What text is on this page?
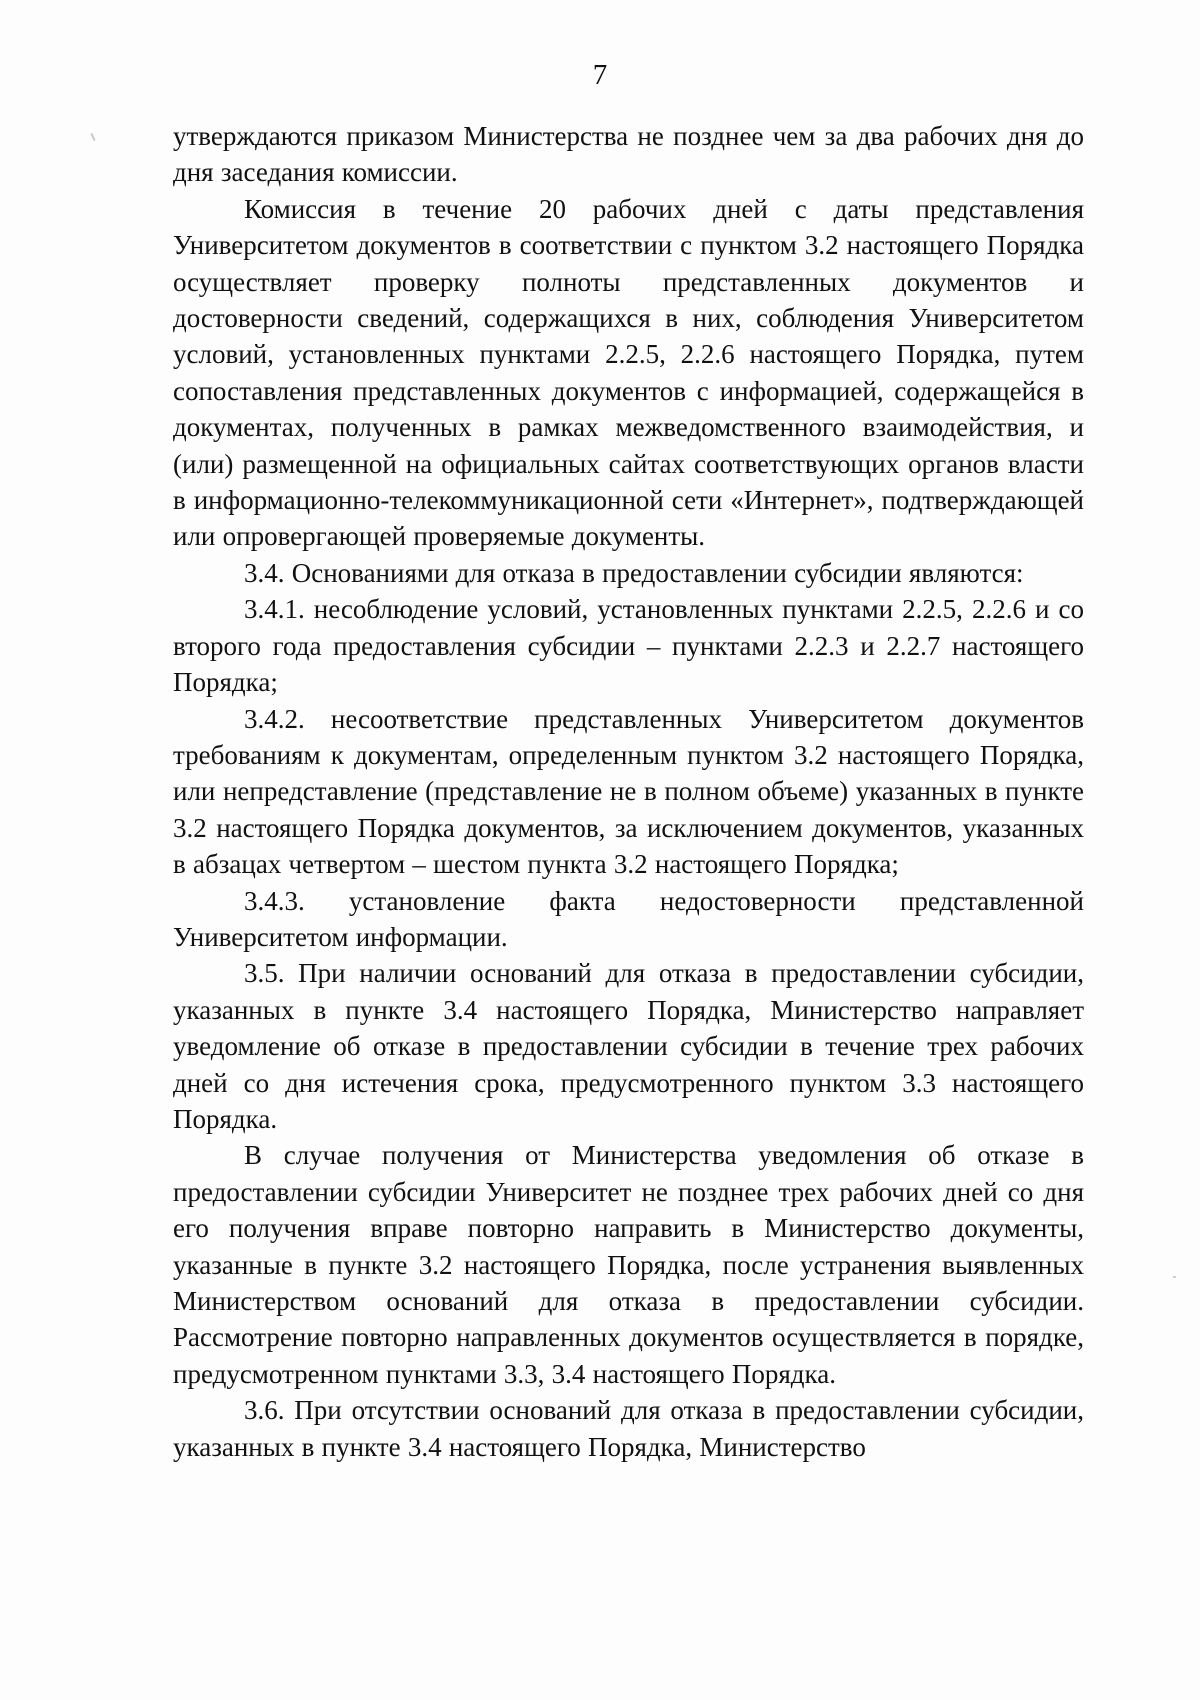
7

утверждаются приказом Министерства не позднее чем за два рабочих дня до дня заседания комиссии.

Комиссия в течение 20 рабочих дней с даты представления Университетом документов в соответствии с пунктом 3.2 настоящего Порядка осуществляет проверку полноты представленных документов и достоверности сведений, содержащихся в них, соблюдения Университетом условий, установленных пунктами 2.2.5, 2.2.6 настоящего Порядка, путем сопоставления представленных документов с информацией, содержащейся в документах, полученных в рамках межведомственного взаимодействия, и (или) размещенной на официальных сайтах соответствующих органов власти в информационно-телекоммуникационной сети «Интернет», подтверждающей или опровергающей проверяемые документы.

3.4. Основаниями для отказа в предоставлении субсидии являются:

3.4.1. несоблюдение условий, установленных пунктами 2.2.5, 2.2.6 и со второго года предоставления субсидии – пунктами 2.2.3 и 2.2.7 настоящего Порядка;

3.4.2. несоответствие представленных Университетом документов требованиям к документам, определенным пунктом 3.2 настоящего Порядка, или непредставление (представление не в полном объеме) указанных в пункте 3.2 настоящего Порядка документов, за исключением документов, указанных в абзацах четвертом – шестом пункта 3.2 настоящего Порядка;

3.4.3. установление факта недостоверности представленной Университетом информации.

3.5. При наличии оснований для отказа в предоставлении субсидии, указанных в пункте 3.4 настоящего Порядка, Министерство направляет уведомление об отказе в предоставлении субсидии в течение трех рабочих дней со дня истечения срока, предусмотренного пунктом 3.3 настоящего Порядка.

В случае получения от Министерства уведомления об отказе в предоставлении субсидии Университет не позднее трех рабочих дней со дня его получения вправе повторно направить в Министерство документы, указанные в пункте 3.2 настоящего Порядка, после устранения выявленных Министерством оснований для отказа в предоставлении субсидии. Рассмотрение повторно направленных документов осуществляется в порядке, предусмотренном пунктами 3.3, 3.4 настоящего Порядка.

3.6. При отсутствии оснований для отказа в предоставлении субсидии, указанных в пункте 3.4 настоящего Порядка, Министерство
